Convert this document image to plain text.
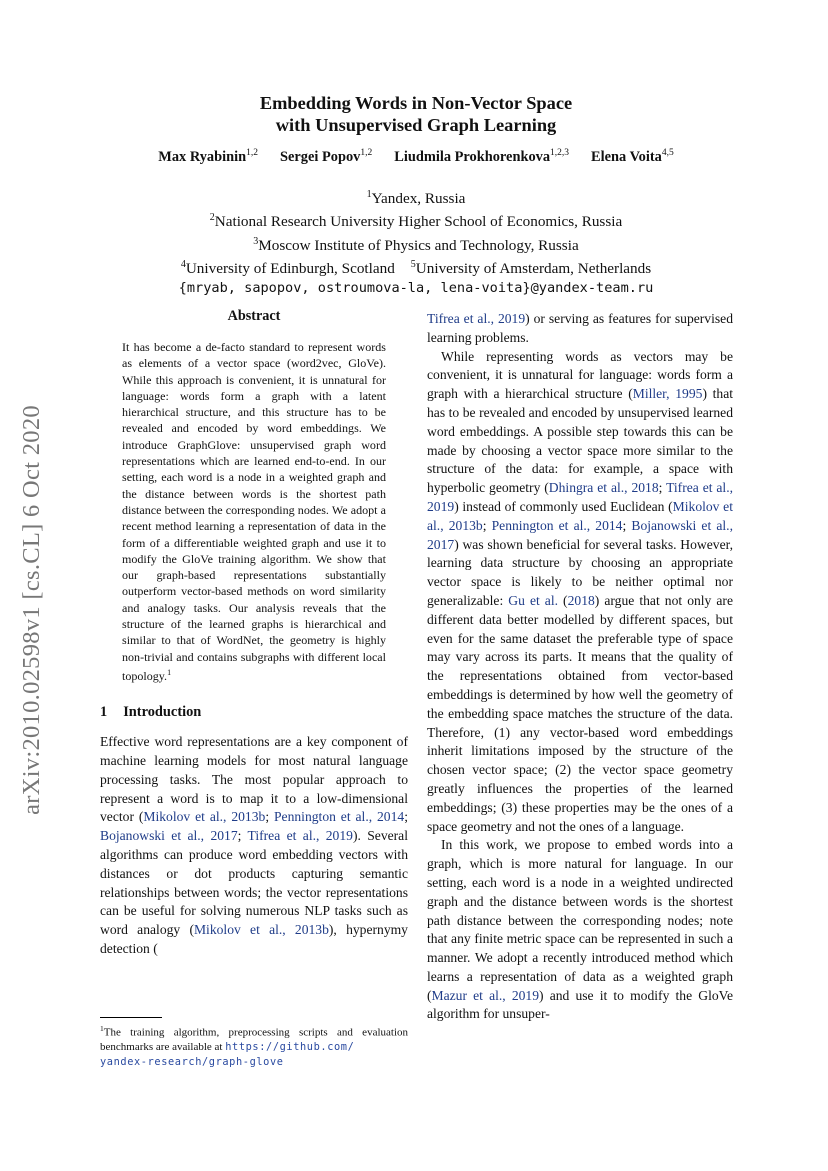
arXiv:2010.02598v1 [cs.CL] 6 Oct 2020
Embedding Words in Non-Vector Space
with Unsupervised Graph Learning
Max Ryabinin$^{1,2}$ Sergei Popov$^{1,2}$ Liudmila Prokhorenkova$^{1,2,3}$ Elena Voita$^{4,5}$
$^1$Yandex, Russia
$^2$National Research University Higher School of Economics, Russia
$^3$Moscow Institute of Physics and Technology, Russia
$^4$University of Edinburgh, Scotland $^5$University of Amsterdam, Netherlands
{mryab, sapopov, ostroumova-la, lena-voita}@yandex-team.ru
Abstract

It has become a de-facto standard to represent words as elements of a vector space (word2vec, GloVe). While this approach is convenient, it is unnatural for language: words form a graph with a latent hierarchical structure, and this structure has to be revealed and encoded by word embeddings. We introduce GraphGlove: unsupervised graph word representations which are learned end-to-end. In our setting, each word is a node in a weighted graph and the distance between words is the shortest path distance between the corresponding nodes. We adopt a recent method learning a representation of data in the form of a differentiable weighted graph and use it to modify the GloVe training algorithm. We show that our graph-based representations substantially outperform vector-based methods on word similarity and analogy tasks. Our analysis reveals that the structure of the learned graphs is hierarchical and similar to that of WordNet, the geometry is highly non-trivial and contains subgraphs with different local topology.$^1$

1 Introduction

Effective word representations are a key component of machine learning models for most natural language processing tasks. The most popular approach to represent a word is to map it to a low-dimensional vector (Mikolov et al., 2013b; Pennington et al., 2014; Bojanowski et al., 2017; Tifrea et al., 2019). Several algorithms can produce word embedding vectors with distances or dot products capturing semantic relationships between words; the vector representations can be useful for solving numerous NLP tasks such as word analogy (Mikolov et al., 2013b), hypernymy detection (

Tifrea et al., 2019) or serving as features for supervised learning problems.

While representing words as vectors may be convenient, it is unnatural for language: words form a graph with a hierarchical structure (Miller, 1995) that has to be revealed and encoded by unsupervised learned word embeddings. A possible step towards this can be made by choosing a vector space more similar to the structure of the data: for example, a space with hyperbolic geometry (Dhingra et al., 2018; Tifrea et al., 2019) instead of commonly used Euclidean (Mikolov et al., 2013b; Pennington et al., 2014; Bojanowski et al., 2017) was shown beneficial for several tasks. However, learning data structure by choosing an appropriate vector space is likely to be neither optimal nor generalizable: Gu et al. (2018) argue that not only are different data better modelled by different spaces, but even for the same dataset the preferable type of space may vary across its parts. It means that the quality of the representations obtained from vector-based embeddings is determined by how well the geometry of the embedding space matches the structure of the data. Therefore, (1) any vector-based word embeddings inherit limitations imposed by the structure of the chosen vector space; (2) the vector space geometry greatly influences the properties of the learned embeddings; (3) these properties may be the ones of a space geometry and not the ones of a language.

In this work, we propose to embed words into a graph, which is more natural for language. In our setting, each word is a node in a weighted undirected graph and the distance between words is the shortest path distance between the corresponding nodes; note that any finite metric space can be represented in such a manner. We adopt a recently introduced method which learns a representation of data as a weighted graph (Mazur et al., 2019) and use it to modify the GloVe algorithm for unsuper-

$^1$The training algorithm, preprocessing scripts and evaluation benchmarks are available at https://github.com/
yandex-research/graph-glove
